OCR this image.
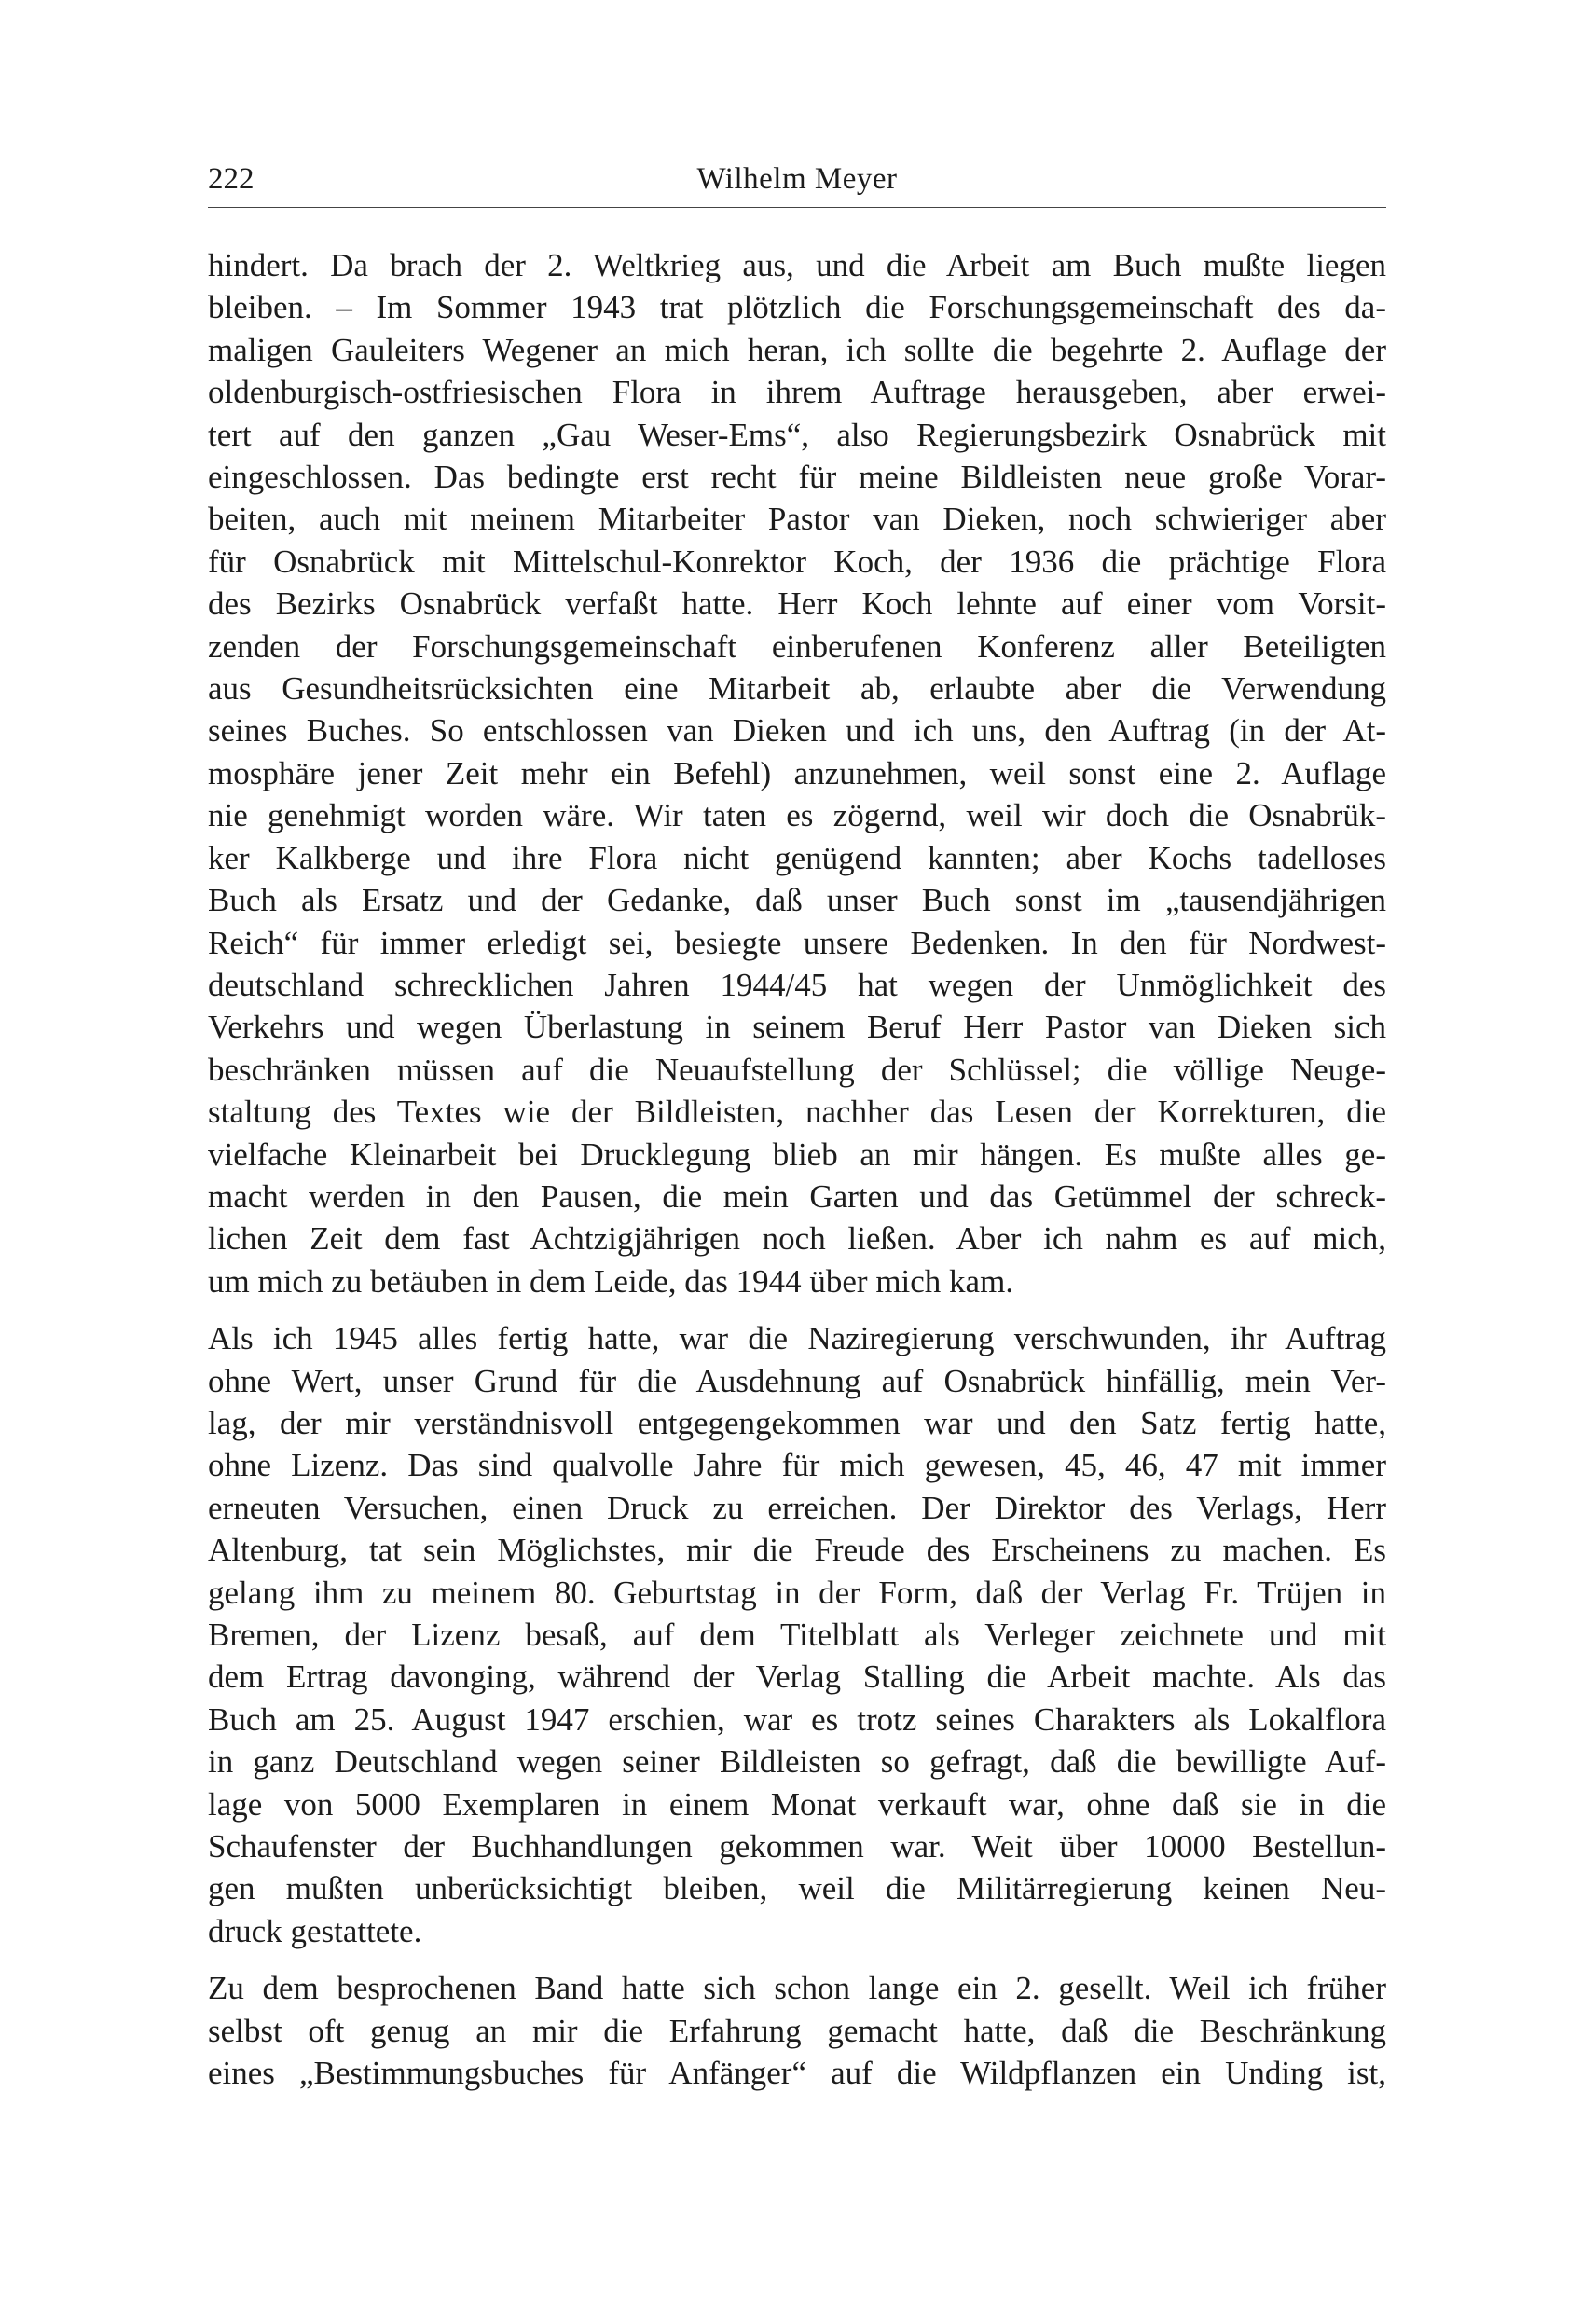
222	Wilhelm Meyer
hindert. Da brach der 2. Weltkrieg aus, und die Arbeit am Buch mußte liegen
bleiben. – Im Sommer 1943 trat plötzlich die Forschungsgemeinschaft des da-
maligen Gauleiters Wegener an mich heran, ich sollte die begehrte 2. Auflage der
oldenburgisch-ostfriesischen Flora in ihrem Auftrage herausgeben, aber erwei-
tert auf den ganzen „Gau Weser-Ems“, also Regierungsbezirk Osnabrück mit
eingeschlossen. Das bedingte erst recht für meine Bildleisten neue große Vorar-
beiten, auch mit meinem Mitarbeiter Pastor van Dieken, noch schwieriger aber
für Osnabrück mit Mittelschul-Konrektor Koch, der 1936 die prächtige Flora
des Bezirks Osnabrück verfaßt hatte. Herr Koch lehnte auf einer vom Vorsit-
zenden der Forschungsgemeinschaft einberufenen Konferenz aller Beteiligten
aus Gesundheitsrücksichten eine Mitarbeit ab, erlaubte aber die Verwendung
seines Buches. So entschlossen van Dieken und ich uns, den Auftrag (in der At-
mosphäre jener Zeit mehr ein Befehl) anzunehmen, weil sonst eine 2. Auflage
nie genehmigt worden wäre. Wir taten es zögernd, weil wir doch die Osnabrük-
ker Kalkberge und ihre Flora nicht genügend kannten; aber Kochs tadelloses
Buch als Ersatz und der Gedanke, daß unser Buch sonst im „tausendjährigen
Reich“ für immer erledigt sei, besiegte unsere Bedenken. In den für Nordwest-
deutschland schrecklichen Jahren 1944/45 hat wegen der Unmöglichkeit des
Verkehrs und wegen Überlastung in seinem Beruf Herr Pastor van Dieken sich
beschränken müssen auf die Neuaufstellung der Schlüssel; die völlige Neuge-
staltung des Textes wie der Bildleisten, nachher das Lesen der Korrekturen, die
vielfache Kleinarbeit bei Drucklegung blieb an mir hängen. Es mußte alles ge-
macht werden in den Pausen, die mein Garten und das Getümmel der schreck-
lichen Zeit dem fast Achtzigjährigen noch ließen. Aber ich nahm es auf mich,
um mich zu betäuben in dem Leide, das 1944 über mich kam.
Als ich 1945 alles fertig hatte, war die Naziregierung verschwunden, ihr Auftrag
ohne Wert, unser Grund für die Ausdehnung auf Osnabrück hinfällig, mein Ver-
lag, der mir verständnisvoll entgegengekommen war und den Satz fertig hatte,
ohne Lizenz. Das sind qualvolle Jahre für mich gewesen, 45, 46, 47 mit immer
erneuten Versuchen, einen Druck zu erreichen. Der Direktor des Verlags, Herr
Altenburg, tat sein Möglichstes, mir die Freude des Erscheinens zu machen. Es
gelang ihm zu meinem 80. Geburtstag in der Form, daß der Verlag Fr. Trüjen in
Bremen, der Lizenz besaß, auf dem Titelblatt als Verleger zeichnete und mit
dem Ertrag davonging, während der Verlag Stalling die Arbeit machte. Als das
Buch am 25. August 1947 erschien, war es trotz seines Charakters als Lokalflora
in ganz Deutschland wegen seiner Bildleisten so gefragt, daß die bewilligte Auf-
lage von 5000 Exemplaren in einem Monat verkauft war, ohne daß sie in die
Schaufenster der Buchhandlungen gekommen war. Weit über 10000 Bestellun-
gen mußten unberücksichtigt bleiben, weil die Militärregierung keinen Neu-
druck gestattete.
Zu dem besprochenen Band hatte sich schon lange ein 2. gesellt. Weil ich früher
selbst oft genug an mir die Erfahrung gemacht hatte, daß die Beschränkung
eines „Bestimmungsbuches für Anfänger“ auf die Wildpflanzen ein Unding ist,
